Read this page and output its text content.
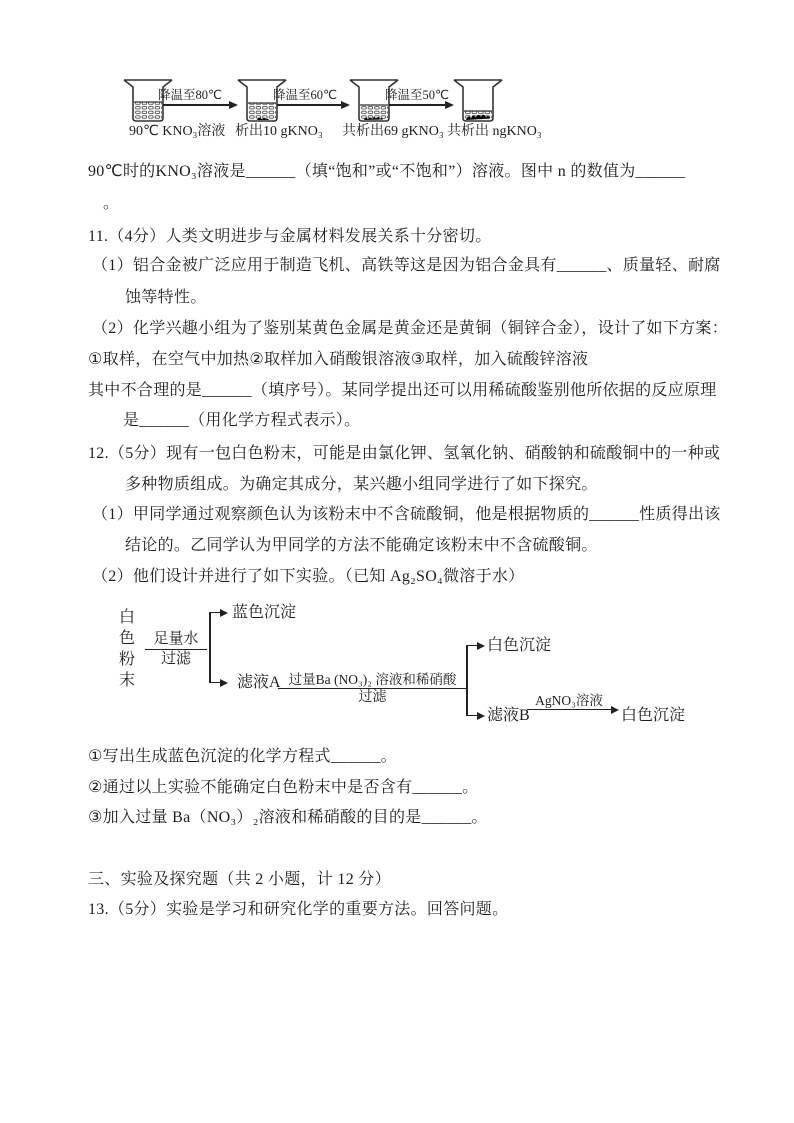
降温至80℃	降温至60℃	降温至50℃
90℃ KNO₃溶液 析出10 gKNO₃ 共析出69 gKNO₃ 共析出 ngKNO₃
90℃时的KNO₃溶液是______（填“饱和”或“不饱和”）溶液。图中 n 的数值为______
。
11.（4分）人类文明进步与金属材料发展关系十分密切。
（1）铝合金被广泛应用于制造飞机、高铁等这是因为铝合金具有______、质量轻、耐腐
蚀等特性。
（2）化学兴趣小组为了鉴别某黄色金属是黄金还是黄铜（铜锌合金），设计了如下方案：
①取样，在空气中加热②取样加入硝酸银溶液③取样，加入硫酸锌溶液
其中不合理的是______（填序号）。某同学提出还可以用稀硫酸鉴别他所依据的反应原理
是______（用化学方程式表示）。
12.（5分）现有一包白色粉末，可能是由氯化钾、氢氧化钠、硝酸钠和硫酸铜中的一种或
多种物质组成。为确定其成分，某兴趣小组同学进行了如下探究。
（1）甲同学通过观察颜色认为该粉末中不含硫酸铜，他是根据物质的______性质得出该
结论的。乙同学认为甲同学的方法不能确定该粉末中不含硫酸铜。
（2）他们设计并进行了如下实验。（已知 Ag₂SO₄微溶于水）
白色粉末
足量水
过滤
蓝色沉淀
滤液A 过量Ba (NO₃)₂ 溶液和稀硝酸
过滤
白色沉淀
滤液B
AgNO₃溶液
白色沉淀
①写出生成蓝色沉淀的化学方程式______。
②通过以上实验不能确定白色粉末中是否含有______。
③加入过量 Ba（NO₃）₂溶液和稀硝酸的目的是______。
三、实验及探究题（共 2 小题，计 12 分）
13.（5分）实验是学习和研究化学的重要方法。回答问题。
